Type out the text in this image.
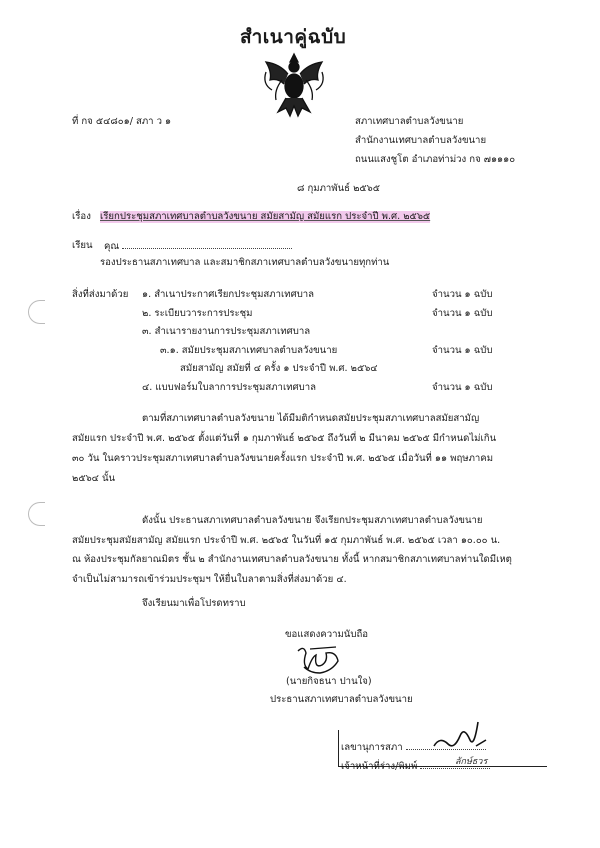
สำเนาคู่ฉบับ
ที่ กจ ๕๔๘๐๑/ สภา ว ๑	สภาเทศบาลตำบลวังขนาย
สำนักงานเทศบาลตำบลวังขนาย
ถนนแสงชูโต อำเภอท่าม่วง กจ ๗๑๑๑๐
๘ กุมภาพันธ์ ๒๕๖๕
เรื่อง เรียกประชุมสภาเทศบาลตำบลวังขนาย สมัยสามัญ สมัยแรก ประจำปี พ.ศ. ๒๕๖๕
เรียน คุณ
รองประธานสภาเทศบาล และสมาชิกสภาเทศบาลตำบลวังขนายทุกท่าน
สิ่งที่ส่งมาด้วย ๑. สำเนาประกาศเรียกประชุมสภาเทศบาล	จำนวน ๑ ฉบับ
๒. ระเบียบวาระการประชุม	จำนวน ๑ ฉบับ
๓. สำเนารายงานการประชุมสภาเทศบาล
๓.๑. สมัยประชุมสภาเทศบาลตำบลวังขนาย	จำนวน ๑ ฉบับ
สมัยสามัญ สมัยที่ ๔ ครั้ง ๑ ประจำปี พ.ศ. ๒๕๖๔
๔. แบบฟอร์มใบลาการประชุมสภาเทศบาล	จำนวน ๑ ฉบับ
ตามที่สภาเทศบาลตำบลวังขนาย ได้มีมติกำหนดสมัยประชุมสภาเทศบาลสมัยสามัญ
สมัยแรก ประจำปี พ.ศ. ๒๕๖๕ ตั้งแต่วันที่ ๑ กุมภาพันธ์ ๒๕๖๕ ถึงวันที่ ๒ มีนาคม ๒๕๖๕ มีกำหนดไม่เกิน
๓๐ วัน ในคราวประชุมสภาเทศบาลตำบลวังขนายครั้งแรก ประจำปี พ.ศ. ๒๕๖๕ เมื่อวันที่ ๑๑ พฤษภาคม
๒๕๖๔ นั้น
ดังนั้น ประธานสภาเทศบาลตำบลวังขนาย จึงเรียกประชุมสภาเทศบาลตำบลวังขนาย
สมัยประชุมสมัยสามัญ สมัยแรก ประจำปี พ.ศ. ๒๕๖๕ ในวันที่ ๑๕ กุมภาพันธ์ พ.ศ. ๒๕๖๕ เวลา ๑๐.๐๐ น.
ณ ห้องประชุมกัลยาณมิตร ชั้น ๒ สำนักงานเทศบาลตำบลวังขนาย ทั้งนี้ หากสมาชิกสภาเทศบาลท่านใดมีเหตุ
จำเป็นไม่สามารถเข้าร่วมประชุมฯ ให้ยื่นใบลาตามสิ่งที่ส่งมาด้วย ๔.
จึงเรียนมาเพื่อโปรดทราบ
ขอแสดงความนับถือ
(นายกิจธนา ปานใจ)
ประธานสภาเทศบาลตำบลวังขนาย
เลขานุการสภา
เจ้าหน้าที่ร่าง/พิมพ์	ลักษ์ธวร
